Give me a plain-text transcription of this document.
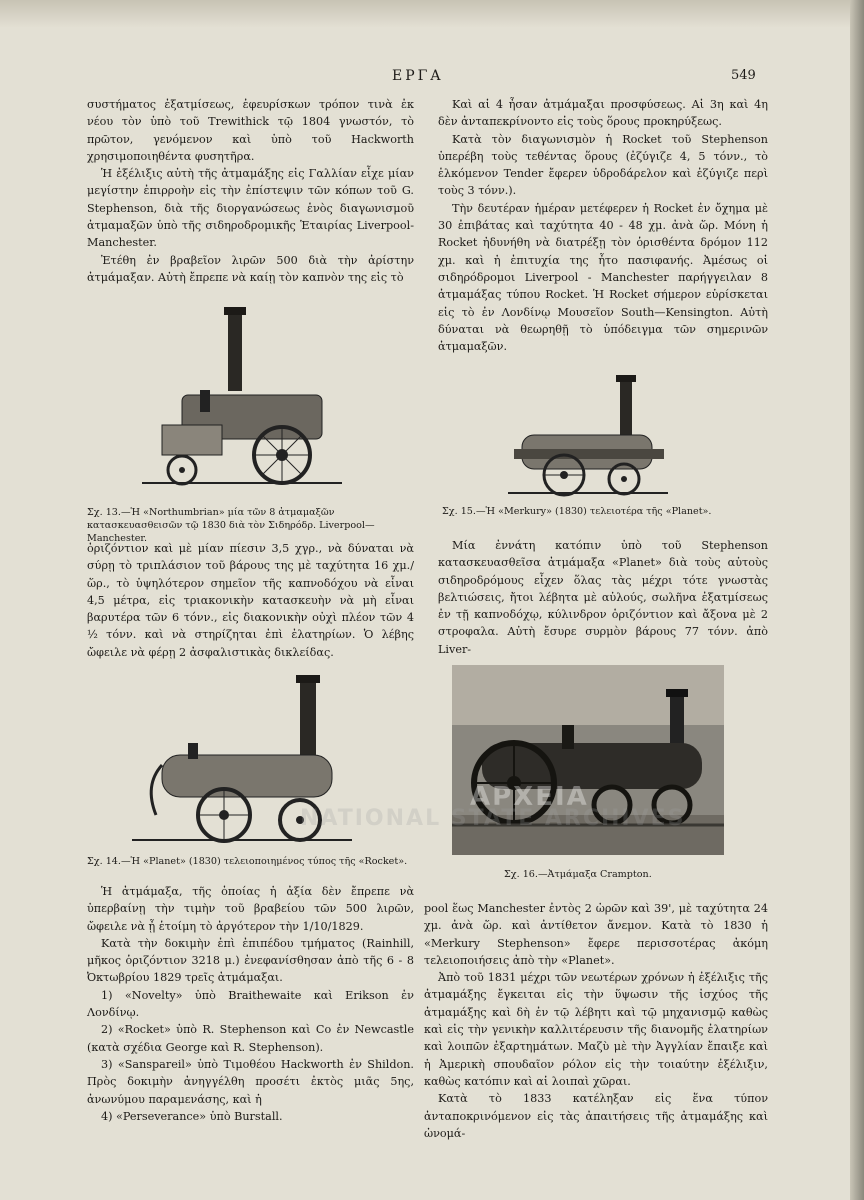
ΕΡΓΑ	549

συστήματος ἐξατμίσεως, ἐφευρίσκων τρόπον τινὰ ἐκ νέου τὸν ὑπὸ τοῦ Trewithick τῷ 1804 γνωστόν, τὸ πρῶτον, γενόμενον καὶ ὑπὸ τοῦ Hackworth χρησιμοποιηθέντα φυσητῆρα.

Ἡ ἐξέλιξις αὐτὴ τῆς ἀτμαμάξης εἰς Γαλλίαν εἶχε μίαν μεγίστην ἐπιρροὴν εἰς τὴν ἐπίστεψιν τῶν κόπων τοῦ G. Stephenson, διὰ τῆς διοργανώσεως ἑνὸς διαγωνισμοῦ ἀτμαμαξῶν ὑπὸ τῆς σιδηροδρομικῆς Ἑταιρίας Liverpool-Manchester.

Ἐτέθη ἐν βραβεῖον λιρῶν 500 διὰ τὴν ἀρίστην ἀτμάμαξαν. Αὐτὴ ἔπρεπε νὰ καίῃ τὸν καπνὸν της εἰς τὸ

Σχ. 13.—Ἡ «Northumbrian» μία τῶν 8 ἀτμαμαξῶν κατασκευασθεισῶν τῷ 1830 διὰ τὸν Σιδηρόδρ. Liverpool—Manchester.

ὁριζόντιον καὶ μὲ μίαν πίεσιν 3,5 χγρ., νὰ δύναται νὰ σύρῃ τὸ τριπλάσιον τοῦ βάρους της μὲ ταχύτητα 16 χμ./ὥρ., τὸ ὑψηλότερον σημεῖον τῆς καπνοδόχου νὰ εἶναι 4,5 μέτρα, εἰς τριακονικὴν κατασκευὴν νὰ μὴ εἶναι βαρυτέρα τῶν 6 τόνν., εἰς διακονικὴν οὐχὶ πλέον τῶν 4 ½ τόνν. καὶ νὰ στηρίζηται ἐπὶ ἐλατηρίων. Ὁ λέβης ὤφειλε νὰ φέρῃ 2 ἀσφαλιστικὰς δικλείδας.

Σχ. 14.—Ἡ «Planet» (1830) τελειοποιημένος τύπος τῆς «Rocket».

Ἡ ἀτμάμαξα, τῆς ὁποίας ἡ ἀξία δὲν ἔπρεπε νὰ ὑπερβαίνῃ τὴν τιμὴν τοῦ βραβείου τῶν 500 λιρῶν, ὤφειλε νὰ ᾖ ἑτοίμη τὸ ἀργότερον τὴν 1/10/1829.

Κατὰ τὴν δοκιμὴν ἐπὶ ἐπιπέδου τμήματος (Rainhill, μῆκος ὁριζόντιον 3218 μ.) ἐνεφανίσθησαν ἀπὸ τῆς 6 - 8 Ὀκτωβρίου 1829 τρεῖς ἀτμάμαξαι.

1) «Novelty» ὑπὸ Braithewaite καὶ Erikson ἐν Λονδίνῳ.

2) «Rocket» ὑπὸ R. Stephenson καὶ Co ἐν Newcastle (κατὰ σχέδια George καὶ R. Stephenson).

3) «Sanspareil» ὑπὸ Τιμοθέου Hackworth ἐν Shildon. Πρὸς δοκιμὴν ἀνηγγέλθη προσέτι ἐκτὸς μιᾶς 5ης, ἀνωνύμου παραμενάσης, καὶ ἡ

4) «Perseverance» ὑπὸ Burstall.

Καὶ αἱ 4 ἦσαν ἀτμάμαξαι προσφύσεως. Αἱ 3η καὶ 4η δὲν ἀνταπεκρίνοντο εἰς τοὺς ὅρους προκηρύξεως.

Κατὰ τὸν διαγωνισμὸν ἡ Rocket τοῦ Stephenson ὑπερέβη τοὺς τεθέντας ὅρους (ἐζύγιζε 4, 5 τόνν., τὸ ἑλκόμενον Tender ἔφερεν ὑδροδάρελον καὶ ἐζύγιζε περὶ τοὺς 3 τόνν.).

Τὴν δευτέραν ἡμέραν μετέφερεν ἡ Rocket ἐν ὄχημα μὲ 30 ἐπιβάτας καὶ ταχύτητα 40 - 48 χμ. ἀνὰ ὥρ. Μόνη ἡ Rocket ἠδυνήθη νὰ διατρέξῃ τὸν ὁρισθέντα δρόμον 112 χμ. καὶ ἡ ἐπιτυχία της ἦτο πασιφανής. Ἀμέσως οἱ σιδηρόδρομοι Liverpool - Manchester παρήγγειλαν 8 ἀτμαμάξας τύπου Rocket. Ἡ Rocket σήμερον εὑρίσκεται εἰς τὸ ἐν Λονδίνῳ Μουσεῖον South—Kensington. Αὐτὴ δύναται νὰ θεωρηθῇ τὸ ὑπόδειγμα τῶν σημερινῶν ἀτμαμαξῶν.

Σχ. 15.—Ἡ «Merkury» (1830) τελειοτέρα τῆς «Planet».

Μία ἐννάτη κατόπιν ὑπὸ τοῦ Stephenson κατασκευασθεῖσα ἀτμάμαξα «Planet» διὰ τοὺς αὐτοὺς σιδηροδρόμους εἶχεν ὅλας τὰς μέχρι τότε γνωστὰς βελτιώσεις, ἤτοι λέβητα μὲ αὐλούς, σωλῆνα ἐξατμίσεως ἐν τῇ καπνοδόχῳ, κύλινδρον ὁριζόντιον καὶ ἄξονα μὲ 2 στροφαλα. Αὐτὴ ἔσυρε συρμὸν βάρους 77 τόνν. ἀπὸ Liver-

Σχ. 16.—Ἀτμάμαξα Crampton.

pool ἕως Manchester ἐντὸς 2 ὡρῶν καὶ 39', μὲ ταχύτητα 24 χμ. ἀνὰ ὥρ. καὶ ἀντίθετον ἄνεμον. Κατὰ τὸ 1830 ἡ «Merkury Stephenson» ἔφερε περισσοτέρας ἀκόμη τελειοποιήσεις ἀπὸ τὴν «Planet».

Ἀπὸ τοῦ 1831 μέχρι τῶν νεωτέρων χρόνων ἡ ἐξέλιξις τῆς ἀτμαμάξης ἔγκειται εἰς τὴν ὕψωσιν τῆς ἰσχύος τῆς ἀτμαμάξης καὶ δὴ ἐν τῷ λέβητι καὶ τῷ μηχανισμῷ καθὼς καὶ εἰς τὴν γενικὴν καλλιτέρευσιν τῆς διανομῆς ἐλατηρίων καὶ λοιπῶν ἐξαρτημάτων. Μαζὺ μὲ τὴν Ἀγγλίαν ἔπαιξε καὶ ἡ Ἀμερικὴ σπουδαῖον ρόλον εἰς τὴν τοιαύτην ἐξέλιξιν, καθὼς κατόπιν καὶ αἱ λοιπαὶ χῶραι.

Κατὰ τὸ 1833 κατέληξαν εἰς ἕνα τύπον ἀνταποκρινόμενον εἰς τὰς ἀπαιτήσεις τῆς ἀτμαμάξης καὶ ὠνομά-

ΑΡΧΕΙΑ
NATIONAL STATE ARCHIVES
